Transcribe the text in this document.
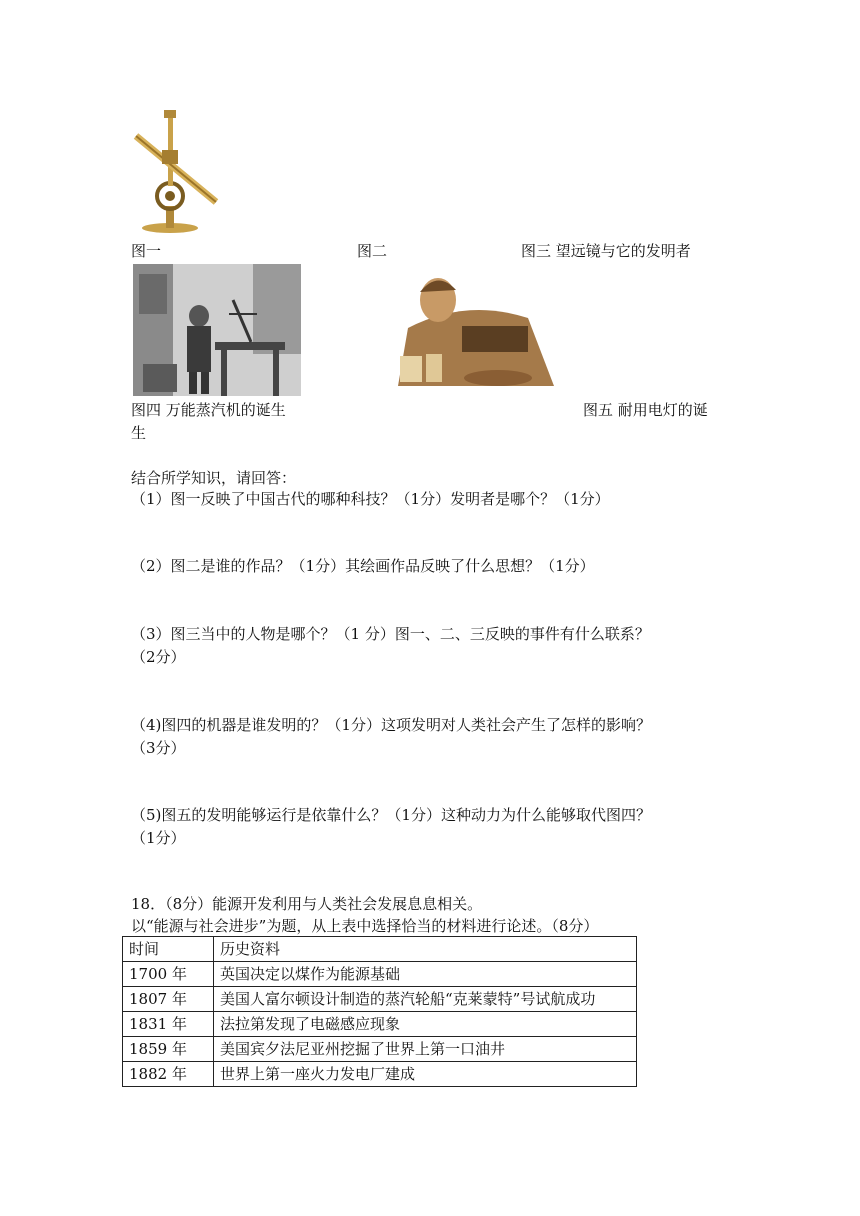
图一	图二	图三 望远镜与它的发明者
图四 万能蒸汽机的诞生	图五 耐用电灯的诞
生
结合所学知识，请回答：
（1）图一反映了中国古代的哪种科技？（1分）发明者是哪个？（1分）
（2）图二是谁的作品？（1分）其绘画作品反映了什么思想？（1分）
（3）图三当中的人物是哪个？（1 分）图一、二、三反映的事件有什么联系？
（2分）
（4)图四的机器是谁发明的？（1分）这项发明对人类社会产生了怎样的影响？
（3分）
（5)图五的发明能够运行是依靠什么？（1分）这种动力为什么能够取代图四？
（1分）
18．（8分）能源开发利用与人类社会发展息息相关。
以“能源与社会进步”为题，从上表中选择恰当的材料进行论述。（8分）
时间	历史资料
1700 年	英国决定以煤作为能源基础
1807 年	美国人富尔顿设计制造的蒸汽轮船“克莱蒙特”号试航成功
1831 年	法拉第发现了电磁感应现象
1859 年	美国宾夕法尼亚州挖掘了世界上第一口油井
1882 年	世界上第一座火力发电厂建成
